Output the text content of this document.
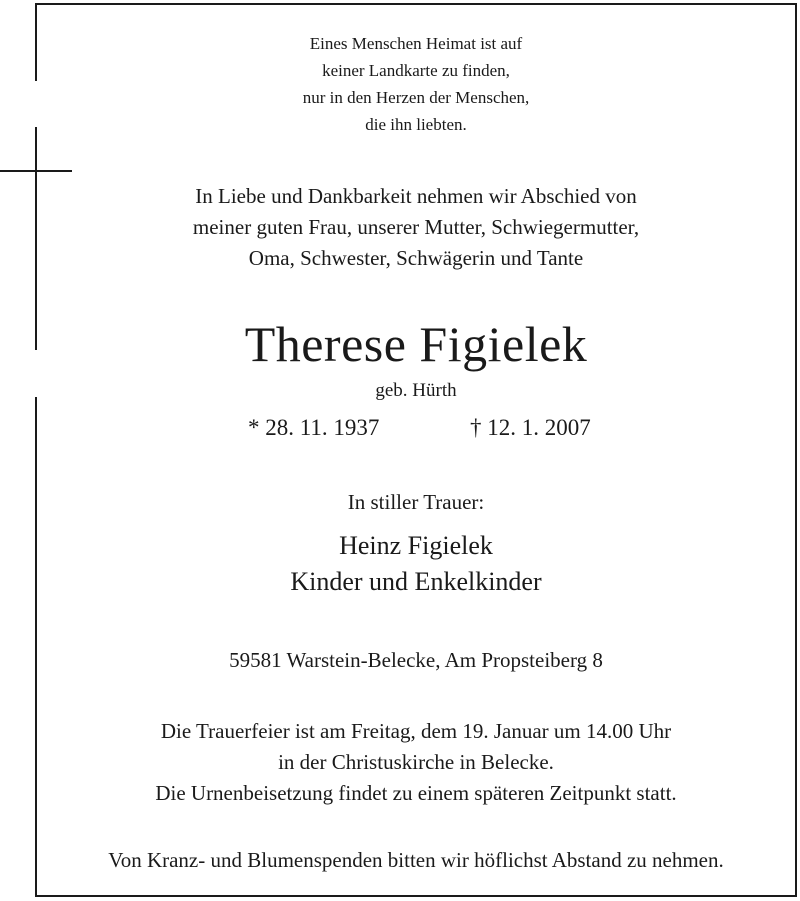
Eines Menschen Heimat ist auf
keiner Landkarte zu finden,
nur in den Herzen der Menschen,
die ihn liebten.
In Liebe und Dankbarkeit nehmen wir Abschied von
meiner guten Frau, unserer Mutter, Schwiegermutter,
Oma, Schwester, Schwägerin und Tante
Therese Figielek
geb. Hürth
* 28. 11. 1937	† 12. 1. 2007
In stiller Trauer:
Heinz Figielek
Kinder und Enkelkinder
59581 Warstein-Belecke, Am Propsteiberg 8
Die Trauerfeier ist am Freitag, dem 19. Januar um 14.00 Uhr
in der Christuskirche in Belecke.
Die Urnenbeisetzung findet zu einem späteren Zeitpunkt statt.
Von Kranz- und Blumenspenden bitten wir höflichst Abstand zu nehmen.
